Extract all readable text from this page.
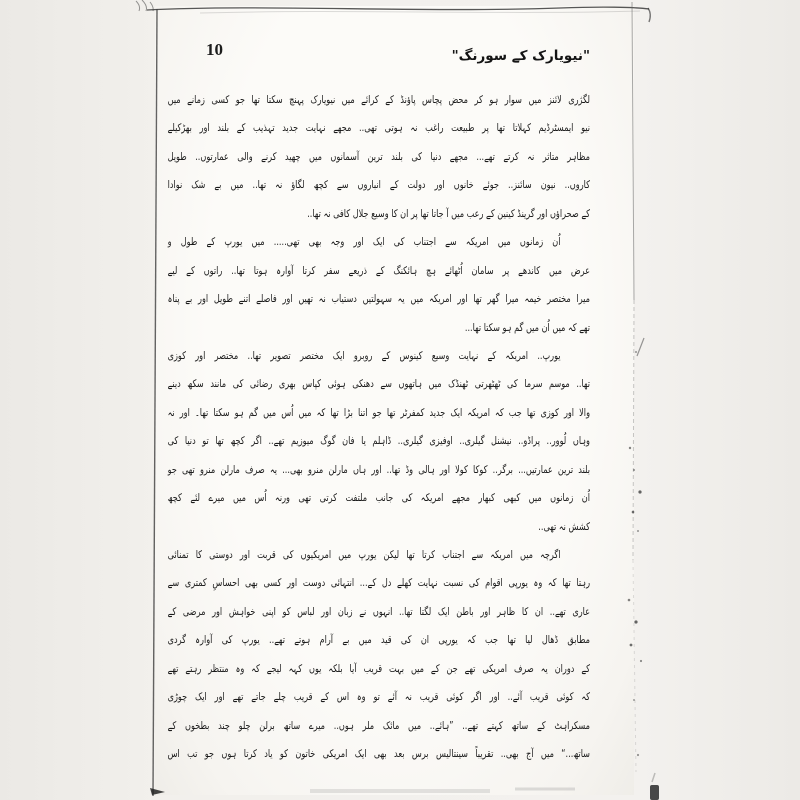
10	"نیویارک کے سورنگ"
لگژری لائنز میں سوار ہو کر محض پچاس پاؤنڈ کے کرائے میں نیویارک پہنچ سکتا تھا جو کسی زمانے میں
نیو ایمسٹرڈیم کہلاتا تھا پر طبیعت راغب نہ ہوتی تھی.. مجھے نہایت جدید تہذیب کے بلند اور بھڑکیلے
مظاہر متاثر نہ کرتے تھے... مجھے دنیا کی بلند ترین آسمانوں میں چھید کرنے والی عمارتوں.. طویل
کاروں.. نیون سائنز.. جوئے خانوں اور دولت کے انباروں سے کچھ لگاؤ نہ تھا.. میں بے شک نوادا
کے صحراؤں اور گرینڈ کینین کے رعب میں آ جاتا تھا پر ان کا وسیع جلال کافی نہ تھا..
اُن زمانوں میں امریکہ سے اجتناب کی ایک اور وجہ بھی تھی..... میں یورپ کے طول و
عرض میں کاندھے پر سامان اُٹھائے ہچ ہائکنگ کے ذریعے سفر کرتا آوارہ ہوتا تھا.. راتوں کے لیے
میرا مختصر خیمہ میرا گھر تھا اور امریکہ میں یہ سہولتیں دستیاب نہ تھیں اور فاصلے اتنے طویل اور بے پناہ
تھے کہ میں اُن میں گم ہو سکتا تھا...
یورپ.. امریکہ کے نہایت وسیع کینوس کے روبرو ایک مختصر تصویر تھا.. مختصر اور کوزی
تھا.. موسم سرما کی ٹھٹھرتی ٹھنڈک میں ہاتھوں سے دھنکی ہوئی کپاس بھری رضائی کی مانند سکھ دینے
والا اور کوزی تھا جب کہ امریکہ ایک جدید کمفرٹر تھا جو اتنا بڑا تھا کہ میں اُس میں گم ہو سکتا تھا۔ اور نہ
وہاں لُوور.. پراڈو.. نیشنل گیلری.. اوفیزی گیلری.. ڈاہلم یا فان گوگ میوزیم تھے.. اگر کچھ تھا تو دنیا کی
بلند ترین عمارتیں... برگر.. کوکا کولا اور ہالی وڈ تھا.. اور ہاں مارلن منرو بھی... یہ صرف مارلن منرو تھی جو
اُن زمانوں میں کبھی کبھار مجھے امریکہ کی جانب ملتفت کرتی تھی ورنہ اُس میں میرے لئے کچھ
کشش نہ تھی..
اگرچہ میں امریکہ سے اجتناب کرتا تھا لیکن یورپ میں امریکیوں کی قربت اور دوستی کا تمنائی
رہتا تھا کہ وہ یورپی اقوام کی نسبت نہایت کھلے دل کے... انتہائی دوست اور کسی بھی احساسِ کمتری سے
عاری تھے.. ان کا ظاہر اور باطن ایک لگتا تھا.. انہوں نے زبان اور لباس کو اپنی خواہش اور مرضی کے
مطابق ڈھال لیا تھا جب کہ یورپی ان کی قید میں بے آرام ہوتے تھے.. یورپ کی آوارہ گردی
کے دوران یہ صرف امریکی تھے جن کے میں بہت قریب آیا بلکہ یوں کہہ لیجے کہ وہ منتظر رہتے تھے
کہ کوئی قریب آئے.. اور اگر کوئی قریب نہ آئے تو وہ اس کے قریب چلے جاتے تھے اور ایک چوڑی
مسکراہٹ کے ساتھ کہتے تھے.. ”ہائے.. میں مائک ملر ہوں.. میرے ساتھ برلن چلو چند بطخوں کے
ساتھ...“ میں آج بھی.. تقریباً سینتالیس برس بعد بھی ایک امریکی خاتون کو یاد کرتا ہوں جو تب اس
